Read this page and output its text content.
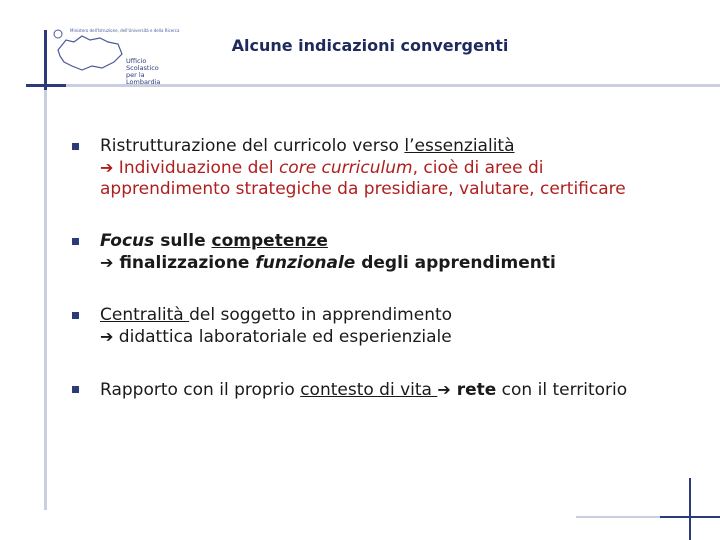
Ministero dell'Istruzione, dell'Università e della Ricerca
Ufficio
Scolastico
per la
Lombardia
Alcune indicazioni convergenti
Ristrutturazione del curricolo verso l’essenzialità
➔ Individuazione del core curriculum, cioè di aree di apprendimento strategiche da presidiare, valutare, certificare
Focus sulle competenze
➔ finalizzazione funzionale degli apprendimenti
Centralità del soggetto in apprendimento
➔ didattica laboratoriale ed esperienziale
Rapporto con il proprio contesto di vita ➔ rete con il territorio
